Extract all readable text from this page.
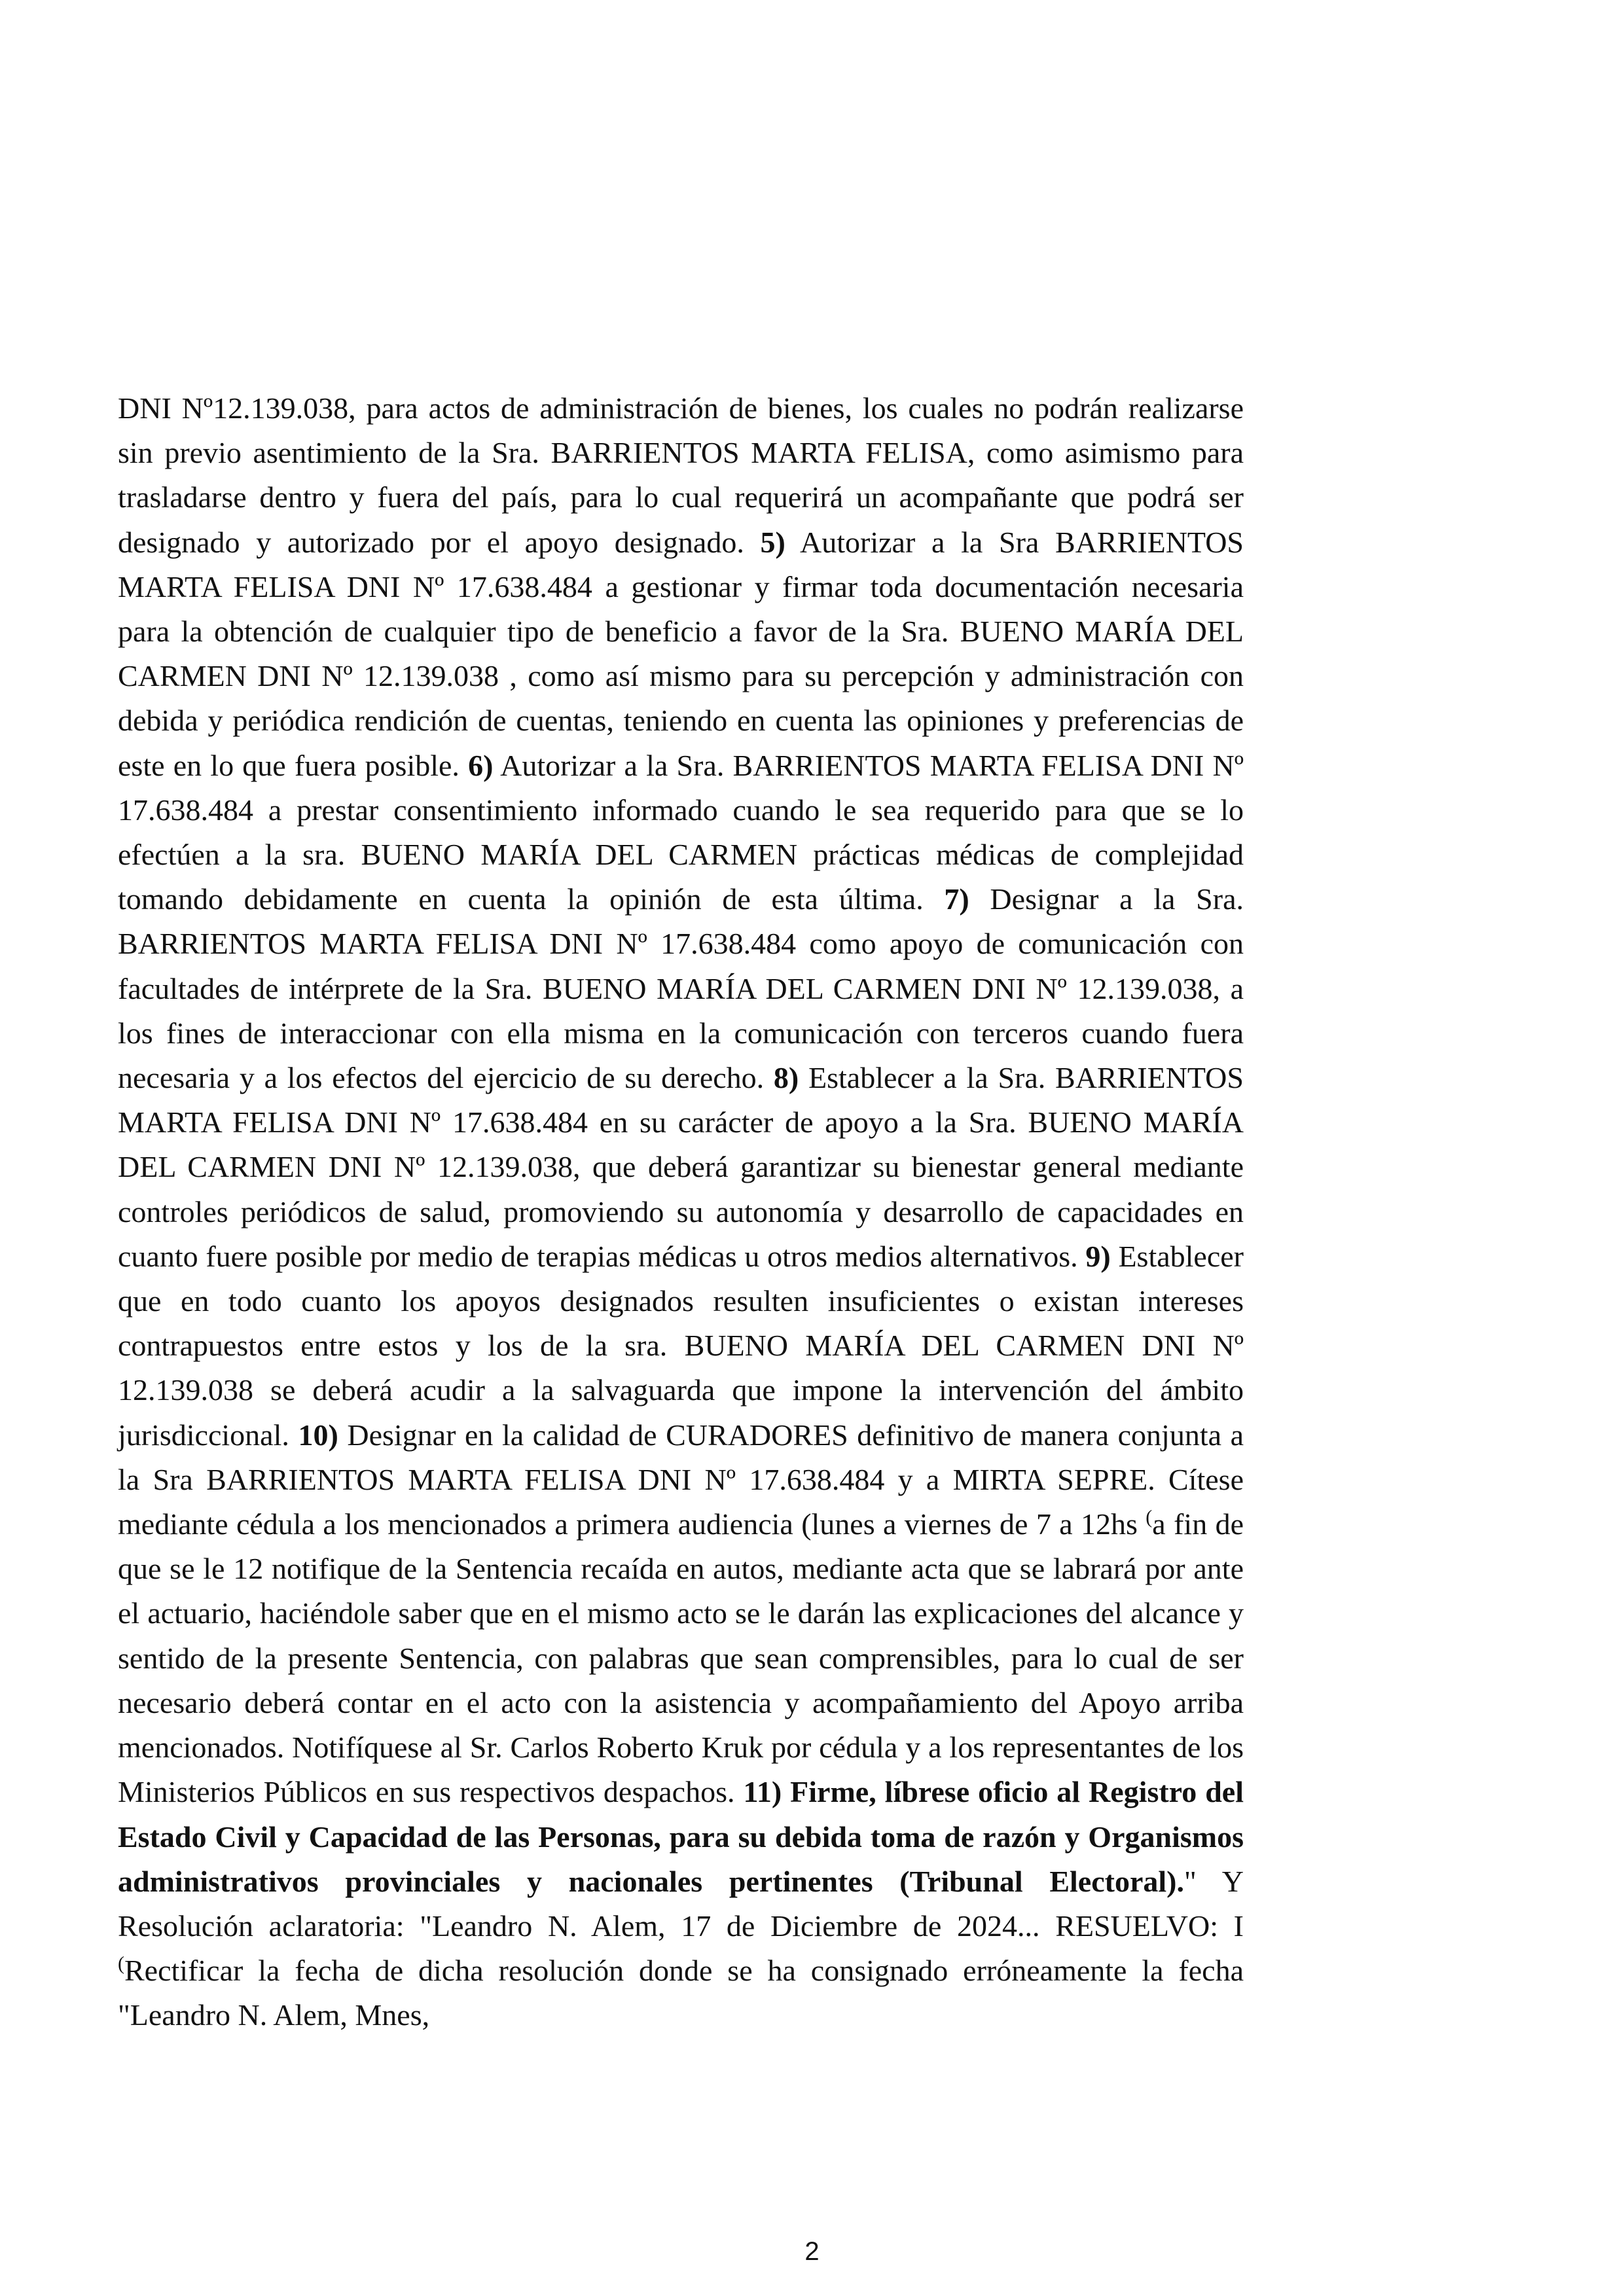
DNI Nº12.139.038, para actos de administración de bienes, los cuales no podrán realizarse sin previo asentimiento de la Sra. BARRIENTOS MARTA FELISA, como asimismo para trasladarse dentro y fuera del país, para lo cual requerirá un acompañante que podrá ser designado y autorizado por el apoyo designado. 5) Autorizar a la Sra BARRIENTOS MARTA FELISA DNI Nº 17.638.484 a gestionar y firmar toda documentación necesaria para la obtención de cualquier tipo de beneficio a favor de la Sra. BUENO MARÍA DEL CARMEN DNI Nº 12.139.038 , como así mismo para su percepción y administración con debida y periódica rendición de cuentas, teniendo en cuenta las opiniones y preferencias de este en lo que fuera posible. 6) Autorizar a la Sra. BARRIENTOS MARTA FELISA DNI Nº 17.638.484 a prestar consentimiento informado cuando le sea requerido para que se lo efectúen a la sra. BUENO MARÍA DEL CARMEN prácticas médicas de complejidad tomando debidamente en cuenta la opinión de esta última. 7) Designar a la Sra. BARRIENTOS MARTA FELISA DNI Nº 17.638.484 como apoyo de comunicación con facultades de intérprete de la Sra. BUENO MARÍA DEL CARMEN DNI Nº 12.139.038, a los fines de interaccionar con ella misma en la comunicación con terceros cuando fuera necesaria y a los efectos del ejercicio de su derecho. 8) Establecer a la Sra. BARRIENTOS MARTA FELISA DNI Nº 17.638.484 en su carácter de apoyo a la Sra. BUENO MARÍA DEL CARMEN DNI Nº 12.139.038, que deberá garantizar su bienestar general mediante controles periódicos de salud, promoviendo su autonomía y desarrollo de capacidades en cuanto fuere posible por medio de terapias médicas u otros medios alternativos. 9) Establecer que en todo cuanto los apoyos designados resulten insuficientes o existan intereses contrapuestos entre estos y los de la sra. BUENO MARÍA DEL CARMEN DNI Nº 12.139.038 se deberá acudir a la salvaguarda que impone la intervención del ámbito jurisdiccional. 10) Designar en la calidad de CURADORES definitivo de manera conjunta a la Sra BARRIENTOS MARTA FELISA DNI Nº 17.638.484 y a MIRTA SEPRE. Cítese mediante cédula a los mencionados a primera audiencia (lunes a viernes de 7 a 12hs (a fin de que se le 12 notifique de la Sentencia recaída en autos, mediante acta que se labrará por ante el actuario, haciéndole saber que en el mismo acto se le darán las explicaciones del alcance y sentido de la presente Sentencia, con palabras que sean comprensibles, para lo cual de ser necesario deberá contar en el acto con la asistencia y acompañamiento del Apoyo arriba mencionados. Notifíquese al Sr. Carlos Roberto Kruk por cédula y a los representantes de los Ministerios Públicos en sus respectivos despachos. 11) Firme, líbrese oficio al Registro del Estado Civil y Capacidad de las Personas, para su debida toma de razón y Organismos administrativos provinciales y nacionales pertinentes (Tribunal Electoral)." Y Resolución aclaratoria: "Leandro N. Alem, 17 de Diciembre de 2024... RESUELVO: I (Rectificar la fecha de dicha resolución donde se ha consignado erróneamente la fecha "Leandro N. Alem, Mnes,

2
